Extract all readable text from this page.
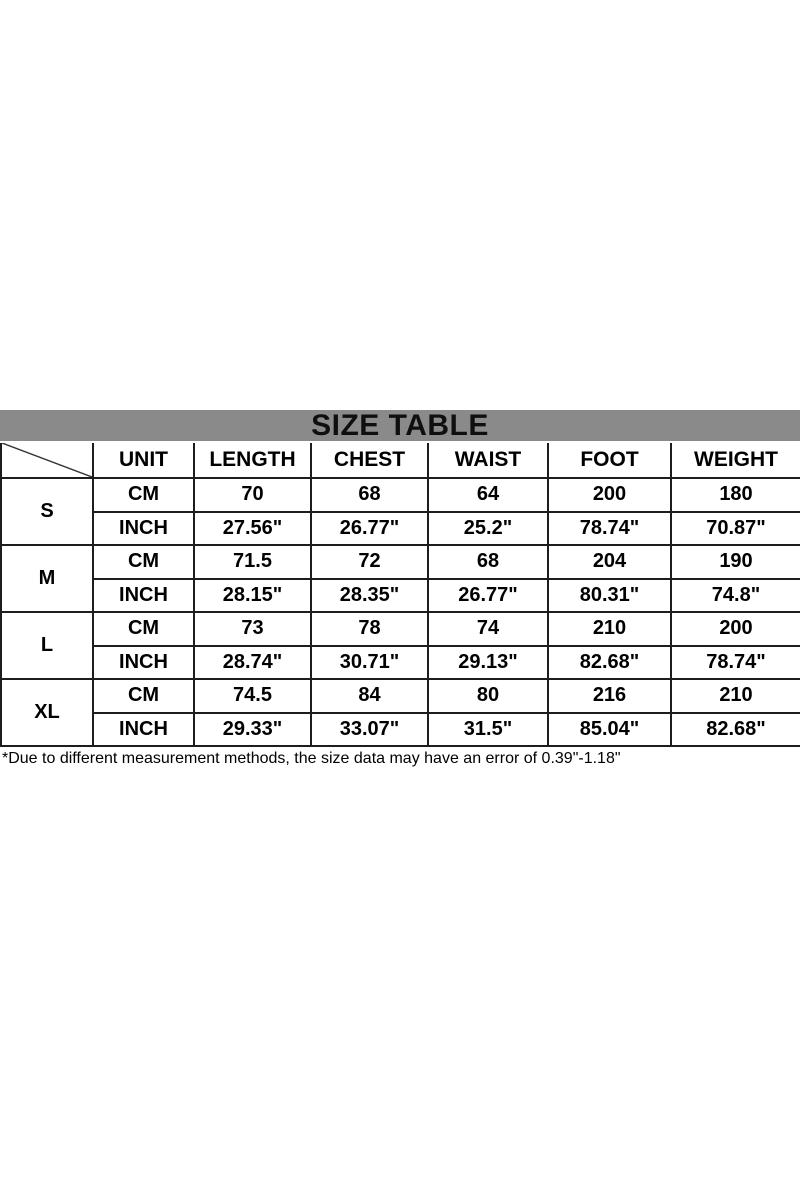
SIZE TABLE
	UNIT	LENGTH	CHEST	WAIST	FOOT	WEIGHT
S	CM	70	68	64	200	180
	INCH	27.56"	26.77"	25.2"	78.74"	70.87"
M	CM	71.5	72	68	204	190
	INCH	28.15"	28.35"	26.77"	80.31"	74.8"
L	CM	73	78	74	210	200
	INCH	28.74"	30.71"	29.13"	82.68"	78.74"
XL	CM	74.5	84	80	216	210
	INCH	29.33"	33.07"	31.5"	85.04"	82.68"
*Due to different measurement methods, the size data may have an error of 0.39"-1.18"
